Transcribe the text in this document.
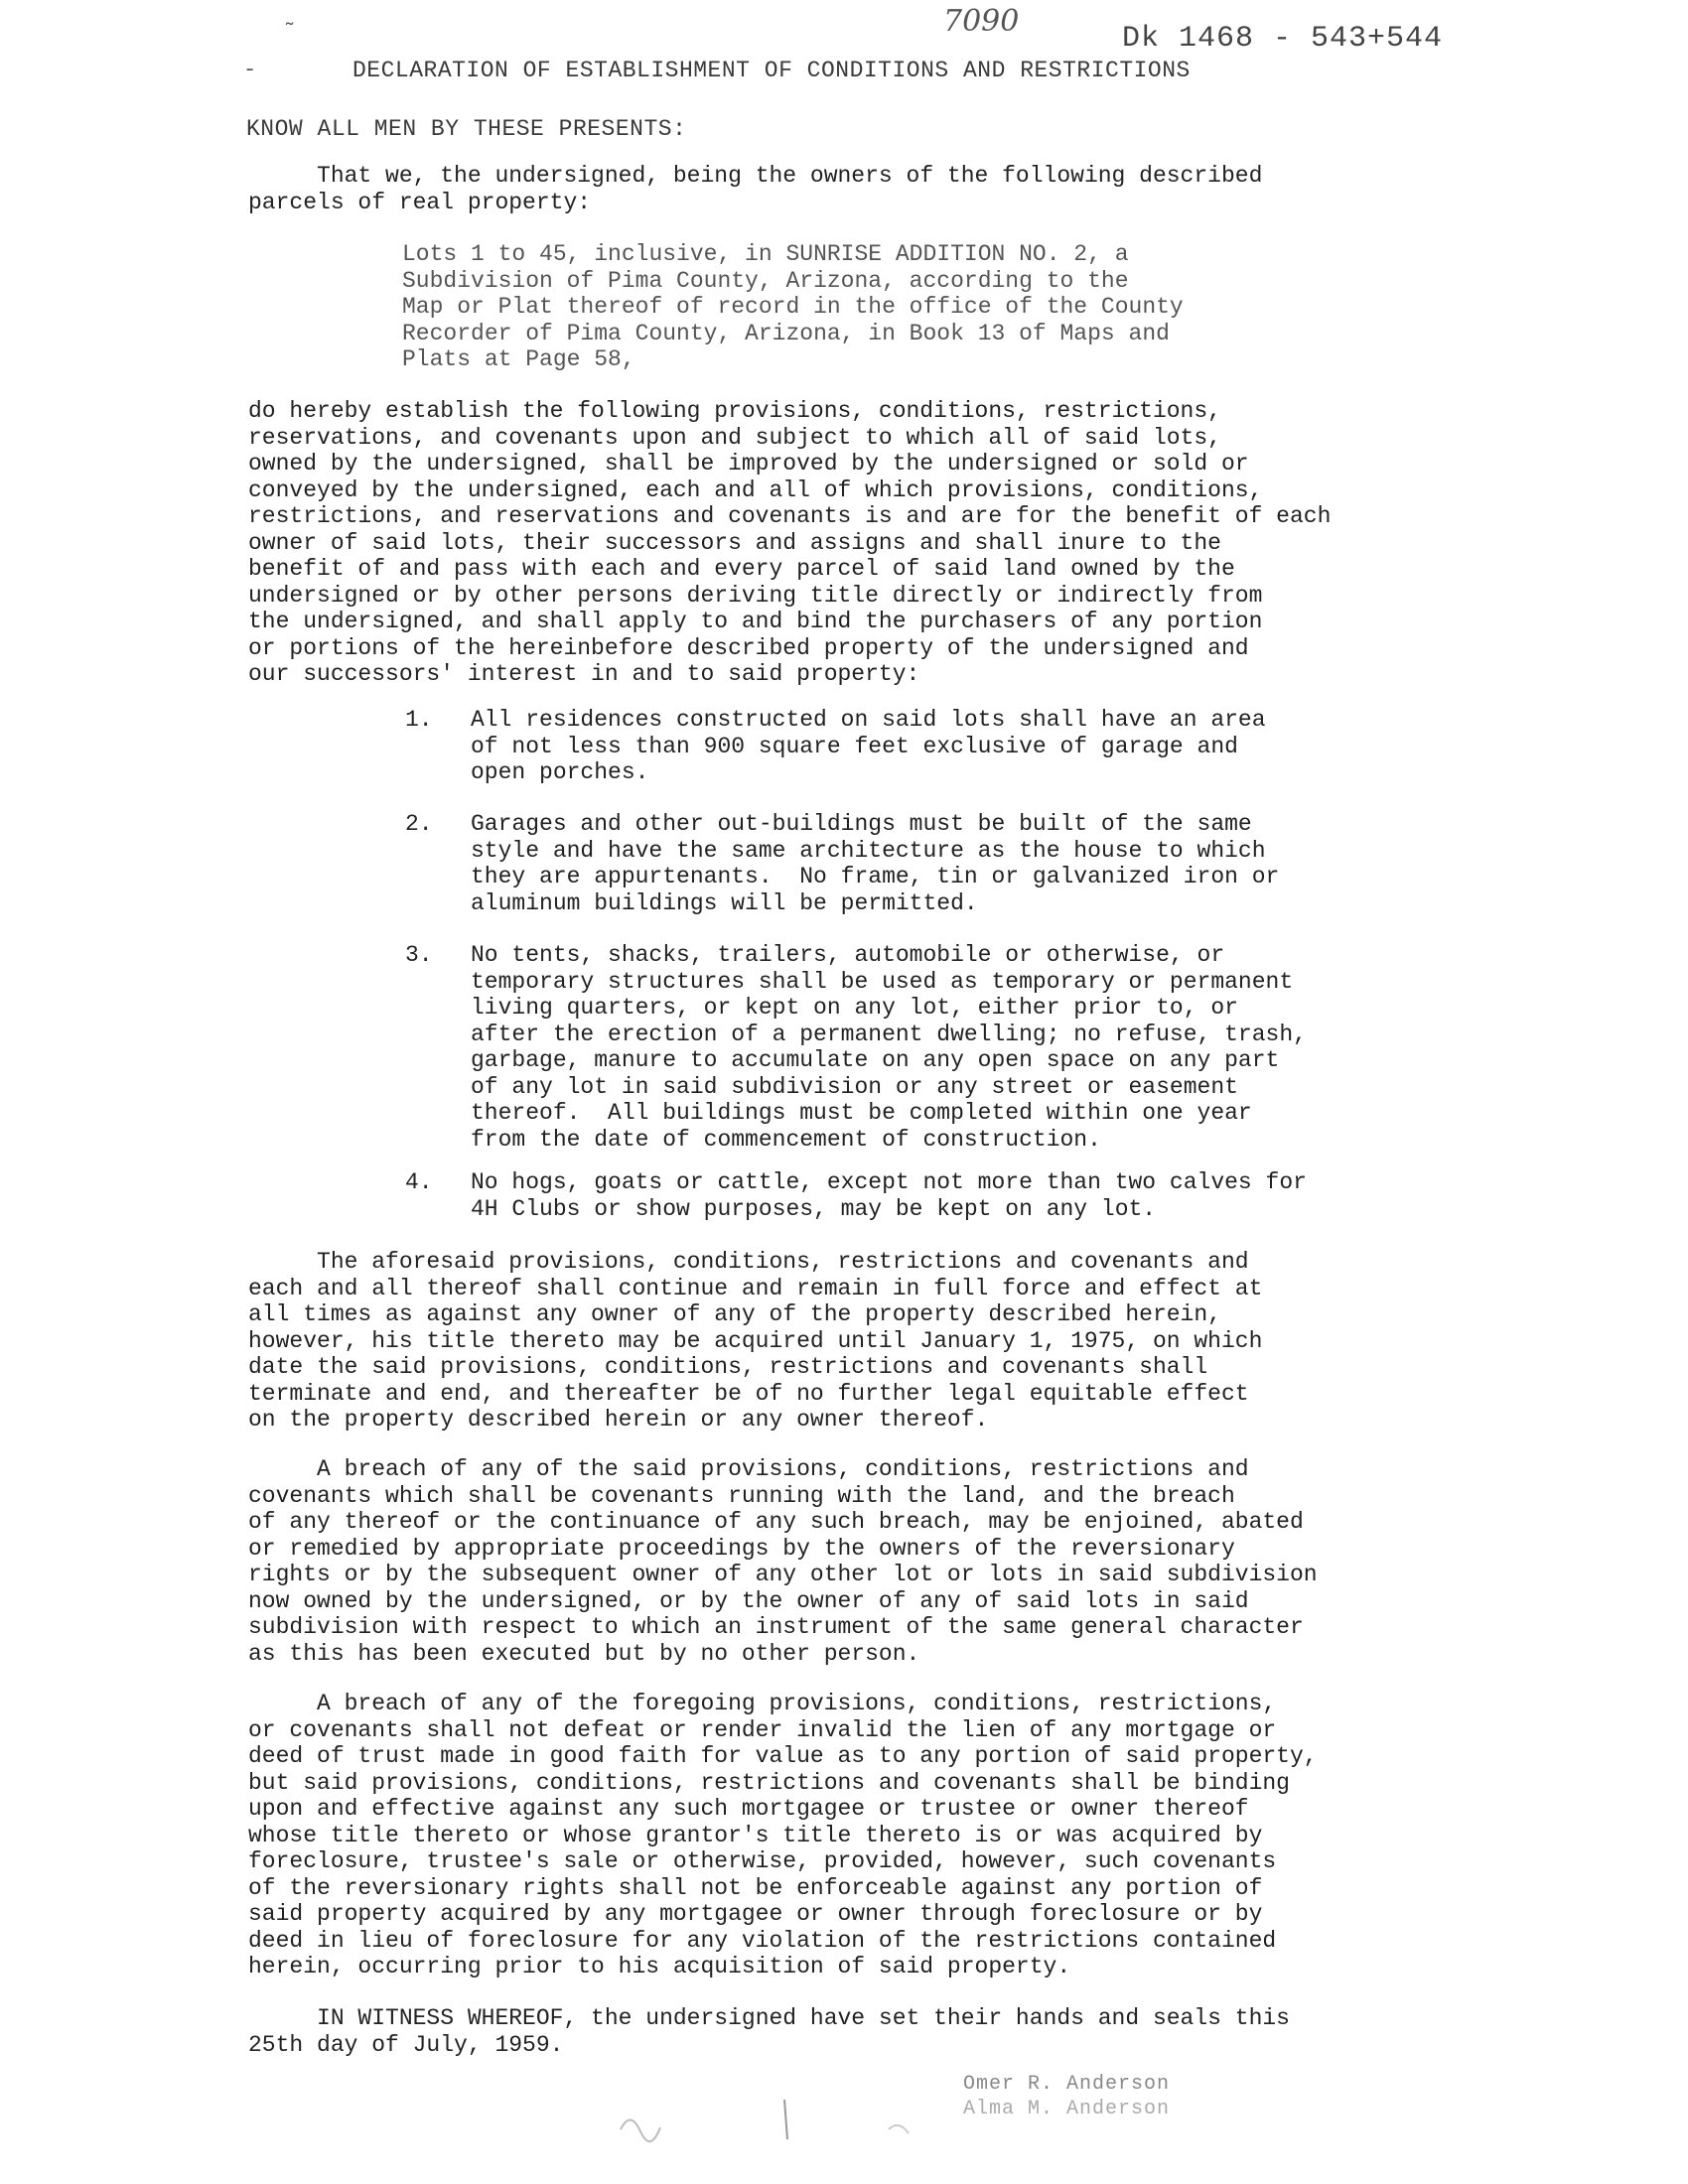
7090	Dk 1468 - 543+544
˜
-	DECLARATION OF ESTABLISHMENT OF CONDITIONS AND RESTRICTIONS
KNOW ALL MEN BY THESE PRESENTS:

That we, the undersigned, being the owners of the following described
parcels of real property:

Lots 1 to 45, inclusive, in SUNRISE ADDITION NO. 2, a
Subdivision of Pima County, Arizona, according to the
Map or Plat thereof of record in the office of the County
Recorder of Pima County, Arizona, in Book 13 of Maps and
Plats at Page 58,

do hereby establish the following provisions, conditions, restrictions,
reservations, and covenants upon and subject to which all of said lots,
owned by the undersigned, shall be improved by the undersigned or sold or
conveyed by the undersigned, each and all of which provisions, conditions,
restrictions, and reservations and covenants is and are for the benefit of each
owner of said lots, their successors and assigns and shall inure to the
benefit of and pass with each and every parcel of said land owned by the
undersigned or by other persons deriving title directly or indirectly from
the undersigned, and shall apply to and bind the purchasers of any portion
or portions of the hereinbefore described property of the undersigned and
our successors' interest in and to said property:

1. All residences constructed on said lots shall have an area
of not less than 900 square feet exclusive of garage and
open porches.

2. Garages and other out-buildings must be built of the same
style and have the same architecture as the house to which
they are appurtenants.  No frame, tin or galvanized iron or
aluminum buildings will be permitted.

3. No tents, shacks, trailers, automobile or otherwise, or
temporary structures shall be used as temporary or permanent
living quarters, or kept on any lot, either prior to, or
after the erection of a permanent dwelling; no refuse, trash,
garbage, manure to accumulate on any open space on any part
of any lot in said subdivision or any street or easement
thereof.  All buildings must be completed within one year
from the date of commencement of construction.

4. No hogs, goats or cattle, except not more than two calves for
4H Clubs or show purposes, may be kept on any lot.

The aforesaid provisions, conditions, restrictions and covenants and
each and all thereof shall continue and remain in full force and effect at
all times as against any owner of any of the property described herein,
however, his title thereto may be acquired until January 1, 1975, on which
date the said provisions, conditions, restrictions and covenants shall
terminate and end, and thereafter be of no further legal equitable effect
on the property described herein or any owner thereof.

A breach of any of the said provisions, conditions, restrictions and
covenants which shall be covenants running with the land, and the breach
of any thereof or the continuance of any such breach, may be enjoined, abated
or remedied by appropriate proceedings by the owners of the reversionary
rights or by the subsequent owner of any other lot or lots in said subdivision
now owned by the undersigned, or by the owner of any of said lots in said
subdivision with respect to which an instrument of the same general character
as this has been executed but by no other person.

A breach of any of the foregoing provisions, conditions, restrictions,
or covenants shall not defeat or render invalid the lien of any mortgage or
deed of trust made in good faith for value as to any portion of said property,
but said provisions, conditions, restrictions and covenants shall be binding
upon and effective against any such mortgagee or trustee or owner thereof
whose title thereto or whose grantor's title thereto is or was acquired by
foreclosure, trustee's sale or otherwise, provided, however, such covenants
of the reversionary rights shall not be enforceable against any portion of
said property acquired by any mortgagee or owner through foreclosure or by
deed in lieu of foreclosure for any violation of the restrictions contained
herein, occurring prior to his acquisition of said property.

IN WITNESS WHEREOF, the undersigned have set their hands and seals this
25th day of July, 1959.

Omer R. Anderson
Alma M. Anderson
